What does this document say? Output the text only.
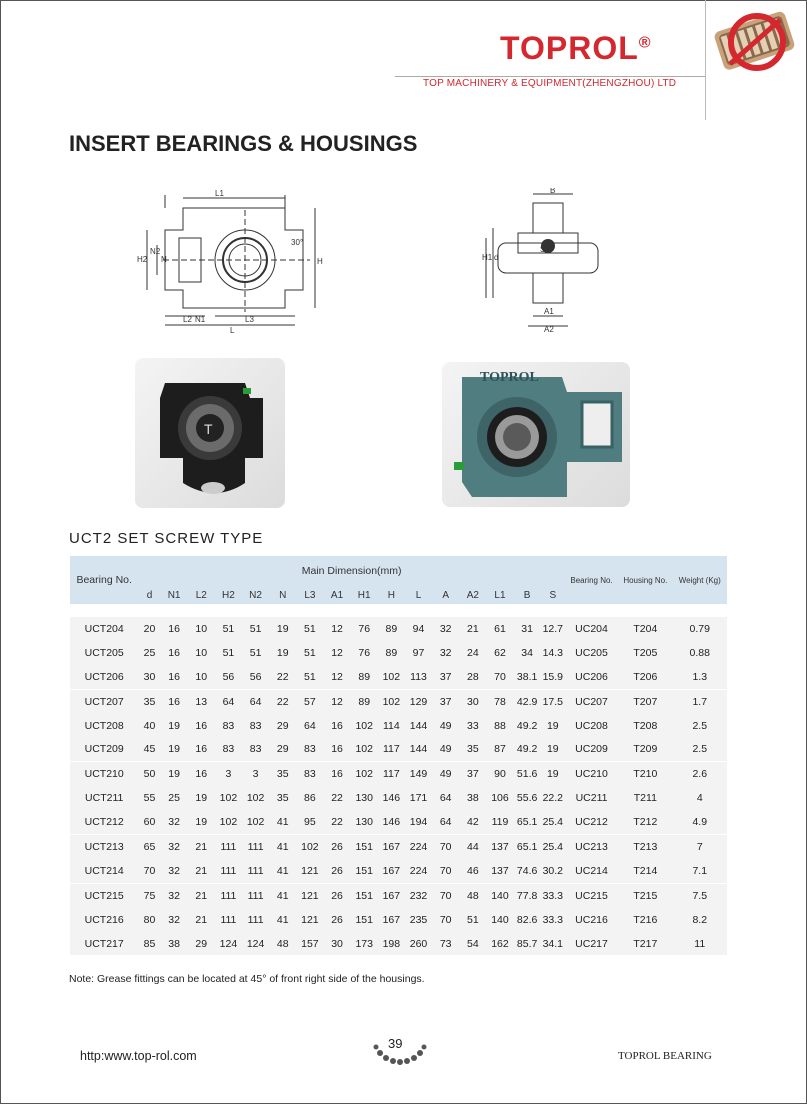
TOPROL®
TOP MACHINERY & EQUIPMENT(ZHENGZHOU) LTD
INSERT BEARINGS & HOUSINGS
L1
H2
N2
N
30°
H
L2 N1	L3
L
B
S
H1 d
A1
A2
T
TOPROL
UCT2 SET SCREW TYPE
Bearing No.	Main Dimension(mm)																Bearing No.	Housing No.	Weight (Kg)
	d	N1	L2	H2	N2	N	L3	A1	H1	H	L	A	A2	L1	B	S			

UCT204	20	16	10	51	51	19	51	12	76	89	94	32	21	61	31	12.7	UC204	T204	0.79
UCT205	25	16	10	51	51	19	51	12	76	89	97	32	24	62	34	14.3	UC205	T205	0.88
UCT206	30	16	10	56	56	22	51	12	89	102	113	37	28	70	38.1	15.9	UC206	T206	1.3
UCT207	35	16	13	64	64	22	57	12	89	102	129	37	30	78	42.9	17.5	UC207	T207	1.7
UCT208	40	19	16	83	83	29	64	16	102	114	144	49	33	88	49.2	19	UC208	T208	2.5
UCT209	45	19	16	83	83	29	83	16	102	117	144	49	35	87	49.2	19	UC209	T209	2.5
UCT210	50	19	16	3	3	35	83	16	102	117	149	49	37	90	51.6	19	UC210	T210	2.6
UCT211	55	25	19	102	102	35	86	22	130	146	171	64	38	106	55.6	22.2	UC211	T211	4
UCT212	60	32	19	102	102	41	95	22	130	146	194	64	42	119	65.1	25.4	UC212	T212	4.9
UCT213	65	32	21	111	111	41	102	26	151	167	224	70	44	137	65.1	25.4	UC213	T213	7
UCT214	70	32	21	111	111	41	121	26	151	167	224	70	46	137	74.6	30.2	UC214	T214	7.1
UCT215	75	32	21	111	111	41	121	26	151	167	232	70	48	140	77.8	33.3	UC215	T215	7.5
UCT216	80	32	21	111	111	41	121	26	151	167	235	70	51	140	82.6	33.3	UC216	T216	8.2
UCT217	85	38	29	124	124	48	157	30	173	198	260	73	54	162	85.7	34.1	UC217	T217	11
Note: Grease fittings can be located at 45° of front right side of the housings.
http:www.top-rol.com
39
TOPROL BEARING
